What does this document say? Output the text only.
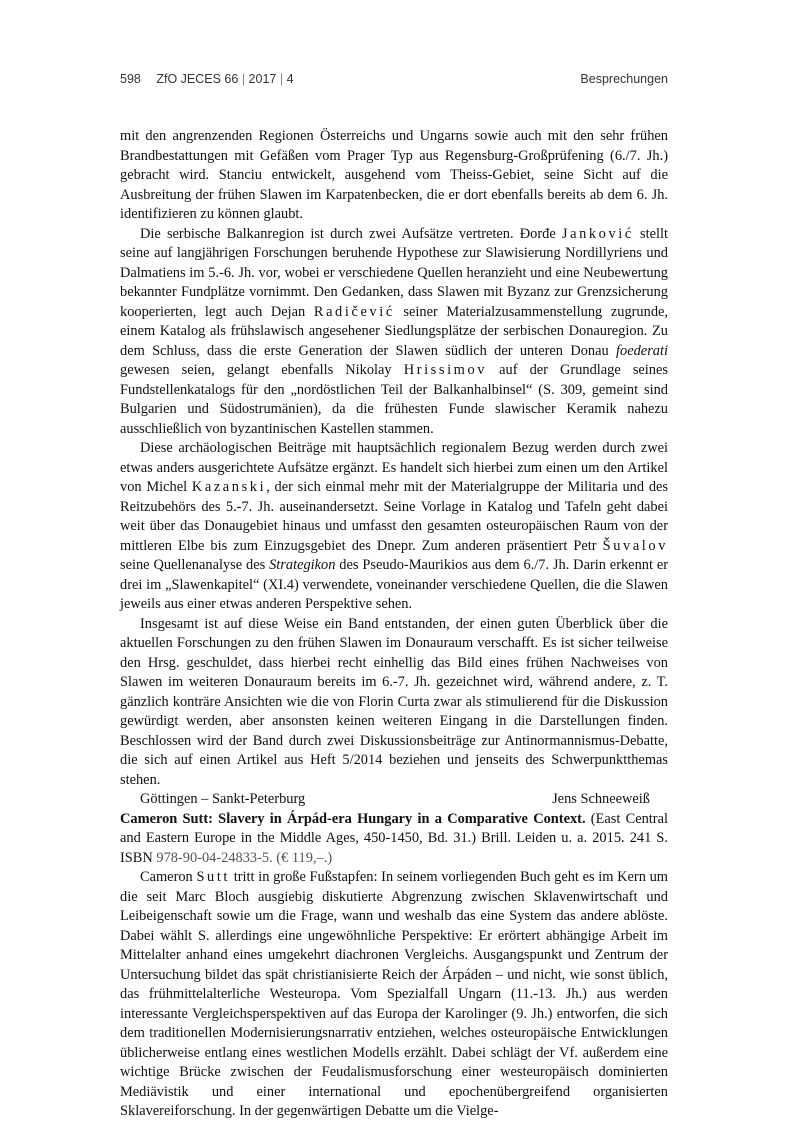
598 ZfO JECES 66 | 2017 | 4	Besprechungen

mit den angrenzenden Regionen Österreichs und Ungarns sowie auch mit den sehr frühen Brandbestattungen mit Gefäßen vom Prager Typ aus Regensburg-Großprüfening (6./7. Jh.) gebracht wird. Stanciu entwickelt, ausgehend vom Theiss-Gebiet, seine Sicht auf die Ausbreitung der frühen Slawen im Karpatenbecken, die er dort ebenfalls bereits ab dem 6. Jh. identifizieren zu können glaubt.

Die serbische Balkanregion ist durch zwei Aufsätze vertreten. Đorđe Janković stellt seine auf langjährigen Forschungen beruhende Hypothese zur Slawisierung Nordillyriens und Dalmatiens im 5.-6. Jh. vor, wobei er verschiedene Quellen heranzieht und eine Neubewertung bekannter Fundplätze vornimmt. Den Gedanken, dass Slawen mit Byzanz zur Grenzsicherung kooperierten, legt auch Dejan Radičević seiner Materialzusammenstellung zugrunde, einem Katalog als frühslawisch angesehener Siedlungsplätze der serbischen Donauregion. Zu dem Schluss, dass die erste Generation der Slawen südlich der unteren Donau foederati gewesen seien, gelangt ebenfalls Nikolay Hrissimov auf der Grundlage seines Fundstellenkatalogs für den „nordöstlichen Teil der Balkanhalbinsel“ (S. 309, gemeint sind Bulgarien und Südostrumänien), da die frühesten Funde slawischer Keramik nahezu ausschließlich von byzantinischen Kastellen stammen.

Diese archäologischen Beiträge mit hauptsächlich regionalem Bezug werden durch zwei etwas anders ausgerichtete Aufsätze ergänzt. Es handelt sich hierbei zum einen um den Artikel von Michel Kazanski, der sich einmal mehr mit der Materialgruppe der Militaria und des Reitzubehörs des 5.-7. Jh. auseinandersetzt. Seine Vorlage in Katalog und Tafeln geht dabei weit über das Donaugebiet hinaus und umfasst den gesamten osteuropäischen Raum von der mittleren Elbe bis zum Einzugsgebiet des Dnepr. Zum anderen präsentiert Petr Šuvalov seine Quellenanalyse des Strategikon des Pseudo-Maurikios aus dem 6./7. Jh. Darin erkennt er drei im „Slawenkapitel“ (XI.4) verwendete, voneinander verschiedene Quellen, die die Slawen jeweils aus einer etwas anderen Perspektive sehen.

Insgesamt ist auf diese Weise ein Band entstanden, der einen guten Überblick über die aktuellen Forschungen zu den frühen Slawen im Donauraum verschafft. Es ist sicher teilweise den Hrsg. geschuldet, dass hierbei recht einhellig das Bild eines frühen Nachweises von Slawen im weiteren Donauraum bereits im 6.-7. Jh. gezeichnet wird, während andere, z. T. gänzlich konträre Ansichten wie die von Florin Curta zwar als stimulierend für die Diskussion gewürdigt werden, aber ansonsten keinen weiteren Eingang in die Darstellungen finden. Beschlossen wird der Band durch zwei Diskussionsbeiträge zur Antinormannismus-Debatte, die sich auf einen Artikel aus Heft 5/2014 beziehen und jenseits des Schwerpunktthemas stehen.

Göttingen – Sankt-Peterburg	Jens Schneeweiß

Cameron Sutt: Slavery in Árpád-era Hungary in a Comparative Context. (East Central and Eastern Europe in the Middle Ages, 450-1450, Bd. 31.) Brill. Leiden u. a. 2015. 241 S. ISBN 978-90-04-24833-5. (€ 119,–.)

Cameron Sutt tritt in große Fußstapfen: In seinem vorliegenden Buch geht es im Kern um die seit Marc Bloch ausgiebig diskutierte Abgrenzung zwischen Sklavenwirtschaft und Leibeigenschaft sowie um die Frage, wann und weshalb das eine System das andere ablöste. Dabei wählt S. allerdings eine ungewöhnliche Perspektive: Er erörtert abhängige Arbeit im Mittelalter anhand eines umgekehrt diachronen Vergleichs. Ausgangspunkt und Zentrum der Untersuchung bildet das spät christianisierte Reich der Árpáden – und nicht, wie sonst üblich, das frühmittelalterliche Westeuropa. Vom Spezialfall Ungarn (11.-13. Jh.) aus werden interessante Vergleichsperspektiven auf das Europa der Karolinger (9. Jh.) entworfen, die sich dem traditionellen Modernisierungsnarrativ entziehen, welches osteuropäische Entwicklungen üblicherweise entlang eines westlichen Modells erzählt. Dabei schlägt der Vf. außerdem eine wichtige Brücke zwischen der Feudalismusforschung einer westeuropäisch dominierten Mediävistik und einer international und epochenübergreifend organisierten Sklavereiforschung. In der gegenwärtigen Debatte um die Vielge-
